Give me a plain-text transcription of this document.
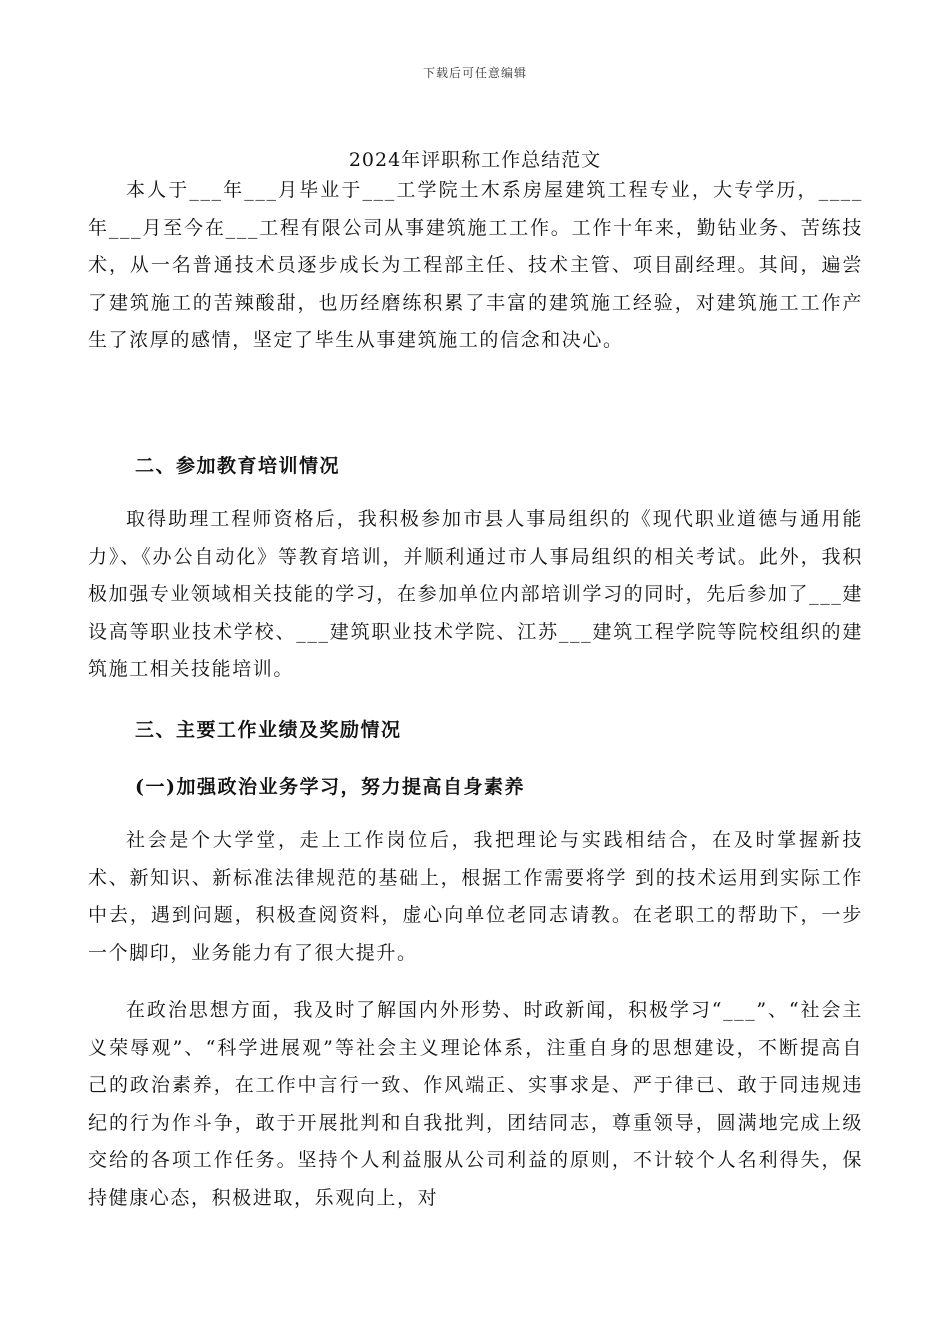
下载后可任意编辑
2024年评职称工作总结范文
本人于___年___月毕业于___工学院土木系房屋建筑工程专业，大专学历，____年___月至今在___工程有限公司从事建筑施工工作。工作十年来，勤钻业务、苦练技术，从一名普通技术员逐步成长为工程部主任、技术主管、项目副经理。其间，遍尝了建筑施工的苦辣酸甜，也历经磨练积累了丰富的建筑施工经验，对建筑施工工作产生了浓厚的感情，坚定了毕生从事建筑施工的信念和决心。
二、参加教育培训情况
取得助理工程师资格后，我积极参加市县人事局组织的《现代职业道德与通用能力》、《办公自动化》等教育培训，并顺利通过市人事局组织的相关考试。此外，我积极加强专业领域相关技能的学习，在参加单位内部培训学习的同时，先后参加了___建设高等职业技术学校、___建筑职业技术学院、江苏___建筑工程学院等院校组织的建筑施工相关技能培训。
三、主要工作业绩及奖励情况
(一)加强政治业务学习，努力提高自身素养
社会是个大学堂，走上工作岗位后，我把理论与实践相结合，在及时掌握新技术、新知识、新标准法律规范的基础上，根据工作需要将学 到的技术运用到实际工作中去，遇到问题，积极查阅资料，虚心向单位老同志请教。在老职工的帮助下，一步一个脚印，业务能力有了很大提升。
在政治思想方面，我及时了解国内外形势、时政新闻，积极学习“___”、“社会主义荣辱观”、“科学进展观”等社会主义理论体系，注重自身的思想建设，不断提高自己的政治素养，在工作中言行一致、作风端正、实事求是、严于律已、敢于同违规违纪的行为作斗争，敢于开展批判和自我批判，团结同志，尊重领导，圆满地完成上级交给的各项工作任务。坚持个人利益服从公司利益的原则，不计较个人名利得失，保持健康心态，积极进取，乐观向上，对
